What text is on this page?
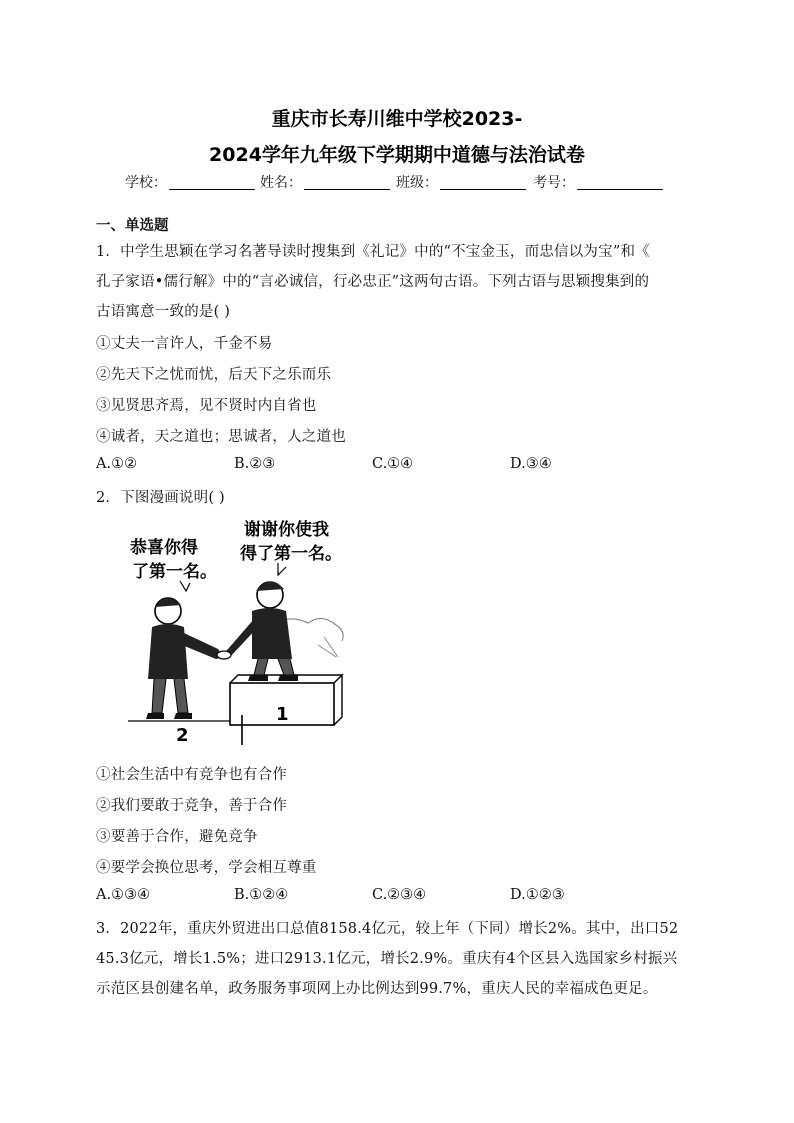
重庆市长寿川维中学校2023-
2024学年九年级下学期期中道德与法治试卷
学校：	姓名：	班级：	考号：
一、单选题
1．中学生思颖在学习名著导读时搜集到《礼记》中的“不宝金玉，而忠信以为宝”和《
孔子家语•儒行解》中的“言必诚信，行必忠正”这两句古语。下列古语与思颖搜集到的
古语寓意一致的是( )
①丈夫一言许人，千金不易
②先天下之忧而忧，后天下之乐而乐
③见贤思齐焉，见不贤时内自省也
④诚者，天之道也；思诚者，人之道也
A.①②	B.②③	C.①④	D.③④
2．下图漫画说明( )
恭喜你得
了第一名。
谢谢你使我
得了第一名。
1
2
①社会生活中有竞争也有合作
②我们要敢于竞争，善于合作
③要善于合作，避免竞争
④要学会换位思考，学会相互尊重
A.①③④	B.①②④	C.②③④	D.①②③
3．2022年，重庆外贸进出口总值8158.4亿元，较上年（下同）增长2%。其中，出口52
45.3亿元，增长1.5%；进口2913.1亿元，增长2.9%。重庆有4个区县入选国家乡村振兴
示范区县创建名单，政务服务事项网上办比例达到99.7%，重庆人民的幸福成色更足。
